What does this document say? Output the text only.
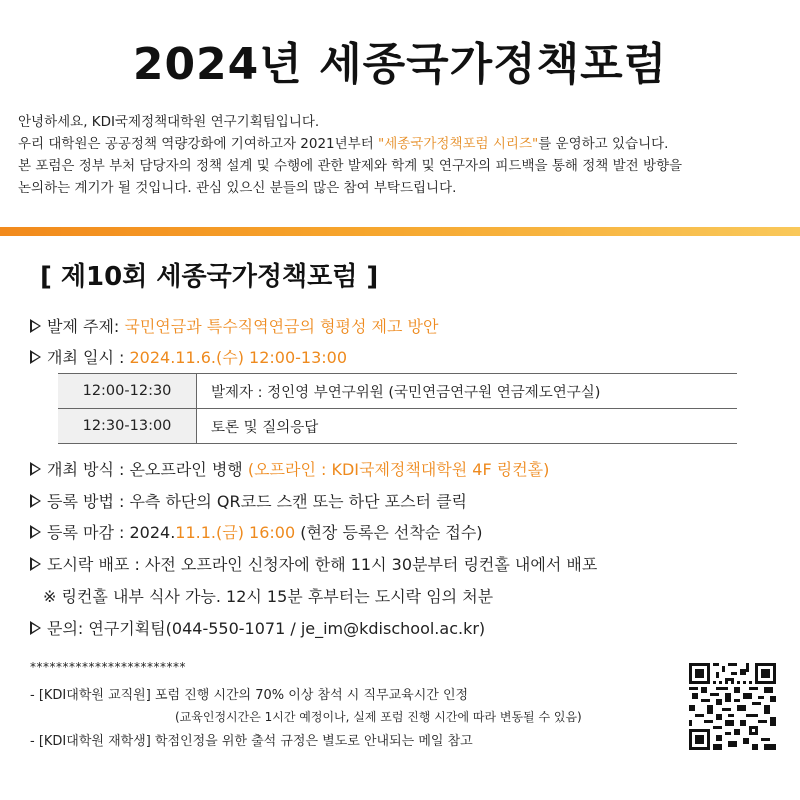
2024년 세종국가정책포럼
안녕하세요, KDI국제정책대학원 연구기획팀입니다.
우리 대학원은 공공정책 역량강화에 기여하고자 2021년부터 "세종국가정책포럼 시리즈"를 운영하고 있습니다.
본 포럼은 정부 부처 담당자의 정책 설계 및 수행에 관한 발제와 학계 및 연구자의 피드백을 통해 정책 발전 방향을
논의하는 계기가 될 것입니다. 관심 있으신 분들의 많은 참여 부탁드립니다.
[ 제10회 세종국가정책포럼 ]
발제 주제: 국민연금과 특수직역연금의 형평성 제고 방안
개최 일시 : 2024.11.6.(수) 12:00-13:00
12:00-12:30	발제자 : 정인영 부연구위원 (국민연금연구원 연금제도연구실)
12:30-13:00	토론 및 질의응답
개최 방식 : 온오프라인 병행 (오프라인 : KDI국제정책대학원 4F 링컨홀)
등록 방법 : 우측 하단의 QR코드 스캔 또는 하단 포스터 클릭
등록 마감 : 2024.11.1.(금) 16:00 (현장 등록은 선착순 접수)
도시락 배포 : 사전 오프라인 신청자에 한해 11시 30분부터 링컨홀 내에서 배포
※ 링컨홀 내부 식사 가능. 12시 15분 후부터는 도시락 임의 처분
문의: 연구기획팀(044-550-1071 / je_im@kdischool.ac.kr)
************************
- [KDI대학원 교직원] 포럼 진행 시간의 70% 이상 참석 시 직무교육시간 인정
(교육인정시간은 1시간 예정이나, 실제 포럼 진행 시간에 따라 변동될 수 있음)
- [KDI대학원 재학생] 학점인정을 위한 출석 규정은 별도로 안내되는 메일 참고
